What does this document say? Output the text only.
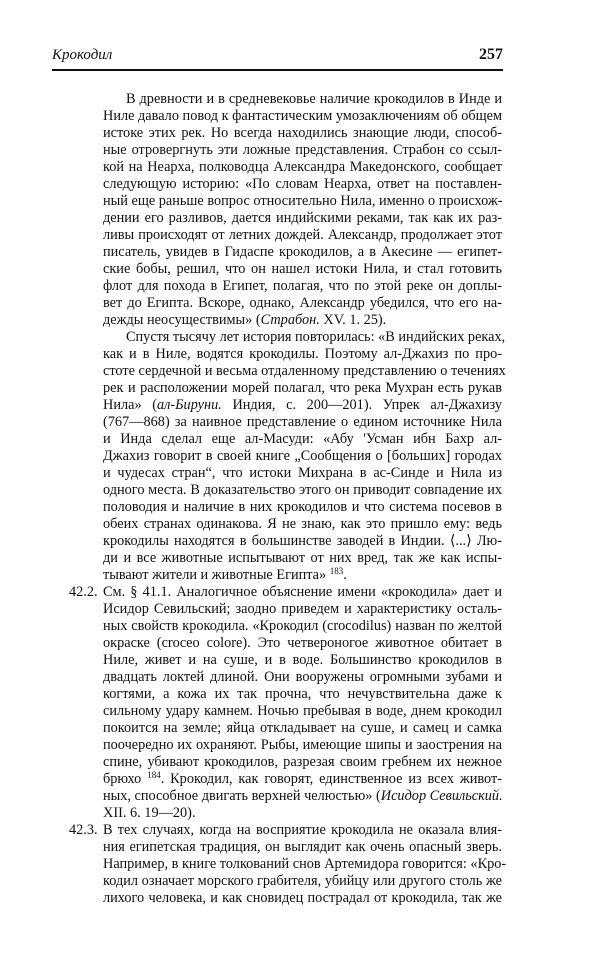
Крокодил	257
В древности и в средневековье наличие крокодилов в Инде и
Ниле давало повод к фантастическим умозаключениям об общем
истоке этих рек. Но всегда находились знающие люди, способ-
ные отровергнуть эти ложные представления. Страбон со ссыл-
кой на Неарха, полководца Александра Македонского, сообщает
следующую историю: «По словам Неарха, ответ на поставлен-
ный еще раньше вопрос относительно Нила, именно о происхож-
дении его разливов, дается индийскими реками, так как их раз-
ливы происходят от летних дождей. Александр, продолжает этот
писатель, увидев в Гидаспе крокодилов, а в Акесине — египет-
ские бобы, решил, что он нашел истоки Нила, и стал готовить
флот для похода в Египет, полагая, что по этой реке он доплы-
вет до Египта. Вскоре, однако, Александр убедился, что его на-
дежды неосуществимы» (Страбон. XV. 1. 25).
Спустя тысячу лет история повторилась: «В индийских реках,
как и в Ниле, водятся крокодилы. Поэтому ал-Джахиз по про-
стоте сердечной и весьма отдаленному представлению о течениях
рек и расположении морей полагал, что река Мухран есть рукав
Нила» (ал-Бируни. Индия, с. 200—201). Упрек ал-Джахизу
(767—868) за наивное представление о едином источнике Нила
и Инда сделал еще ал-Масуди: «Абу 'Усман ибн Бахр ал-
Джахиз говорит в своей книге „Сообщения о [больших] городах
и чудесах стран“, что истоки Михрана в ас-Синде и Нила из
одного места. В доказательство этого он приводит совпадение их
половодия и наличие в них крокодилов и что система посевов в
обеих странах одинакова. Я не знаю, как это пришло ему: ведь
крокодилы находятся в большинстве заводей в Индии. ⟨...⟩ Лю-
ди и все животные испытывают от них вред, так же как испы-
тывают жители и животные Египта» $^{183}$.
42.2. См. § 41.1. Аналогичное объяснение имени «крокодила» дает и
Исидор Севильский; заодно приведем и характеристику осталь-
ных свойств крокодила. «Крокодил (crocodilus) назван по желтой
окраске (croceo colore). Это четвероногое животное обитает в
Ниле, живет и на суше, и в воде. Большинство крокодилов в
двадцать локтей длиной. Они вооружены огромными зубами и
когтями, а кожа их так прочна, что нечувствительна даже к
сильному удару камнем. Ночью пребывая в воде, днем крокодил
покоится на земле; яйца откладывает на суше, и самец и самка
поочередно их охраняют. Рыбы, имеющие шипы и заострения на
спине, убивают крокодилов, разрезая своим гребнем их нежное
брюхо $^{184}$. Крокодил, как говорят, единственное из всех живот-
ных, способное двигать верхней челюстью» (Исидор Севильский.
XII. 6. 19—20).
42.3. В тех случаях, когда на восприятие крокодила не оказала влия-
ния египетская традиция, он выглядит как очень опасный зверь.
Например, в книге толкований снов Артемидора говорится: «Кро-
кодил означает морского грабителя, убийцу или другого столь же
лихого человека, и как сновидец пострадал от крокодила, так же
